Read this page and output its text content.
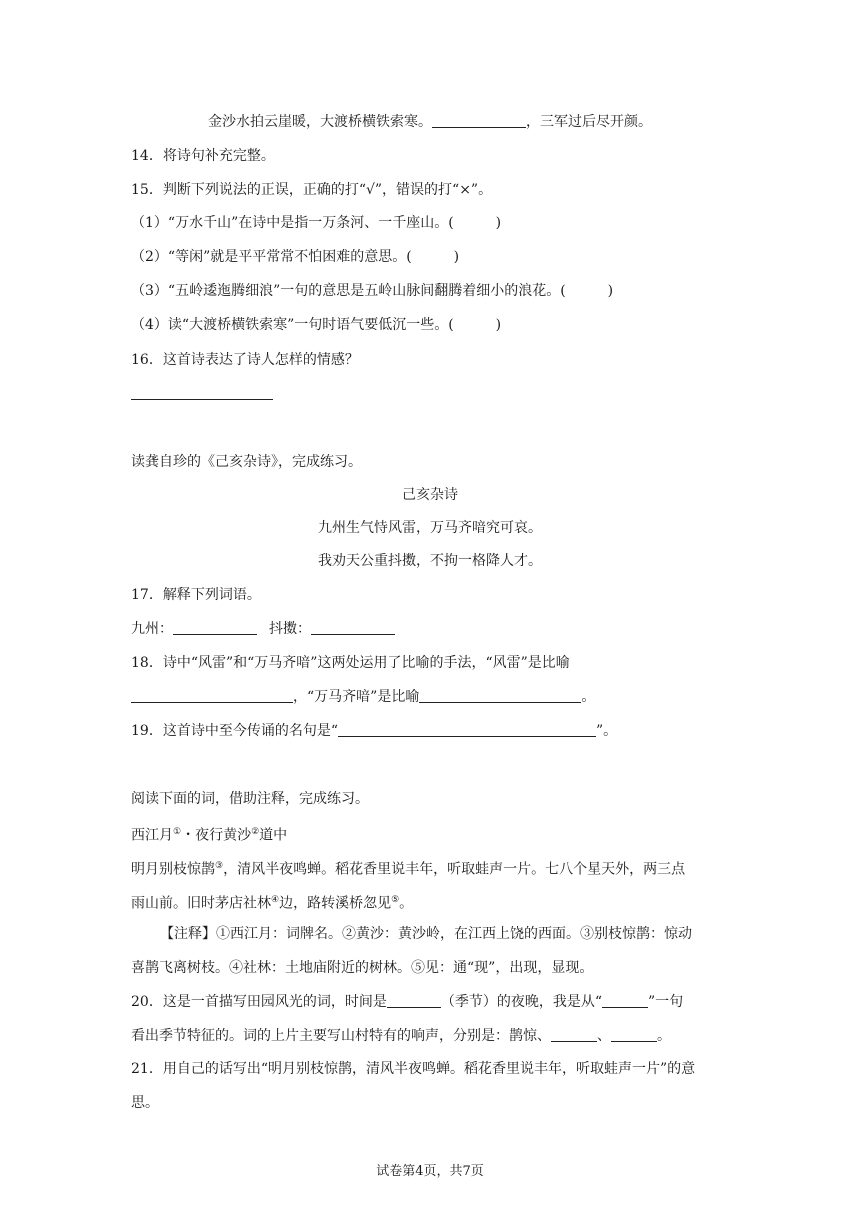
金沙水拍云崖暖，大渡桥横铁索寒。	，三军过后尽开颜。
14．将诗句补充完整。
15．判断下列说法的正误，正确的打“√”，错误的打“×”。
（1）“万水千山”在诗中是指一万条河、一千座山。(　　　)
（2）“等闲”就是平平常常不怕困难的意思。(　　　)
（3）“五岭逶迤腾细浪”一句的意思是五岭山脉间翻腾着细小的浪花。(　　　)
（4）读“大渡桥横铁索寒”一句时语气要低沉一些。(　　　)
16．这首诗表达了诗人怎样的情感？
读龚自珍的《己亥杂诗》，完成练习。
己亥杂诗
九州生气恃风雷，万马齐喑究可哀。
我劝天公重抖擞，不拘一格降人才。
17．解释下列词语。
九州：	抖擞：
18．诗中“风雷”和“万马齐喑”这两处运用了比喻的手法，“风雷”是比喻
，“万马齐喑”是比喻	。
19．这首诗中至今传诵的名句是“	”。
阅读下面的词，借助注释，完成练习。
西江月①・夜行黄沙②道中
明月别枝惊鹊③，清风半夜鸣蝉。稻花香里说丰年，听取蛙声一片。七八个星天外，两三点
雨山前。旧时茅店社林④边，路转溪桥忽见⑤。
【注释】①西江月：词牌名。②黄沙：黄沙岭，在江西上饶的西面。③别枝惊鹊：惊动
喜鹊飞离树枝。④社林：土地庙附近的树林。⑤见：通“现”，出现，显现。
20．这是一首描写田园风光的词，时间是	（季节）的夜晚，我是从“	”一句
看出季节特征的。词的上片主要写山村特有的响声，分别是：鹊惊、	、	。
21．用自己的话写出“明月别枝惊鹊，清风半夜鸣蝉。稻花香里说丰年，听取蛙声一片”的意
思。
试卷第4页，共7页
